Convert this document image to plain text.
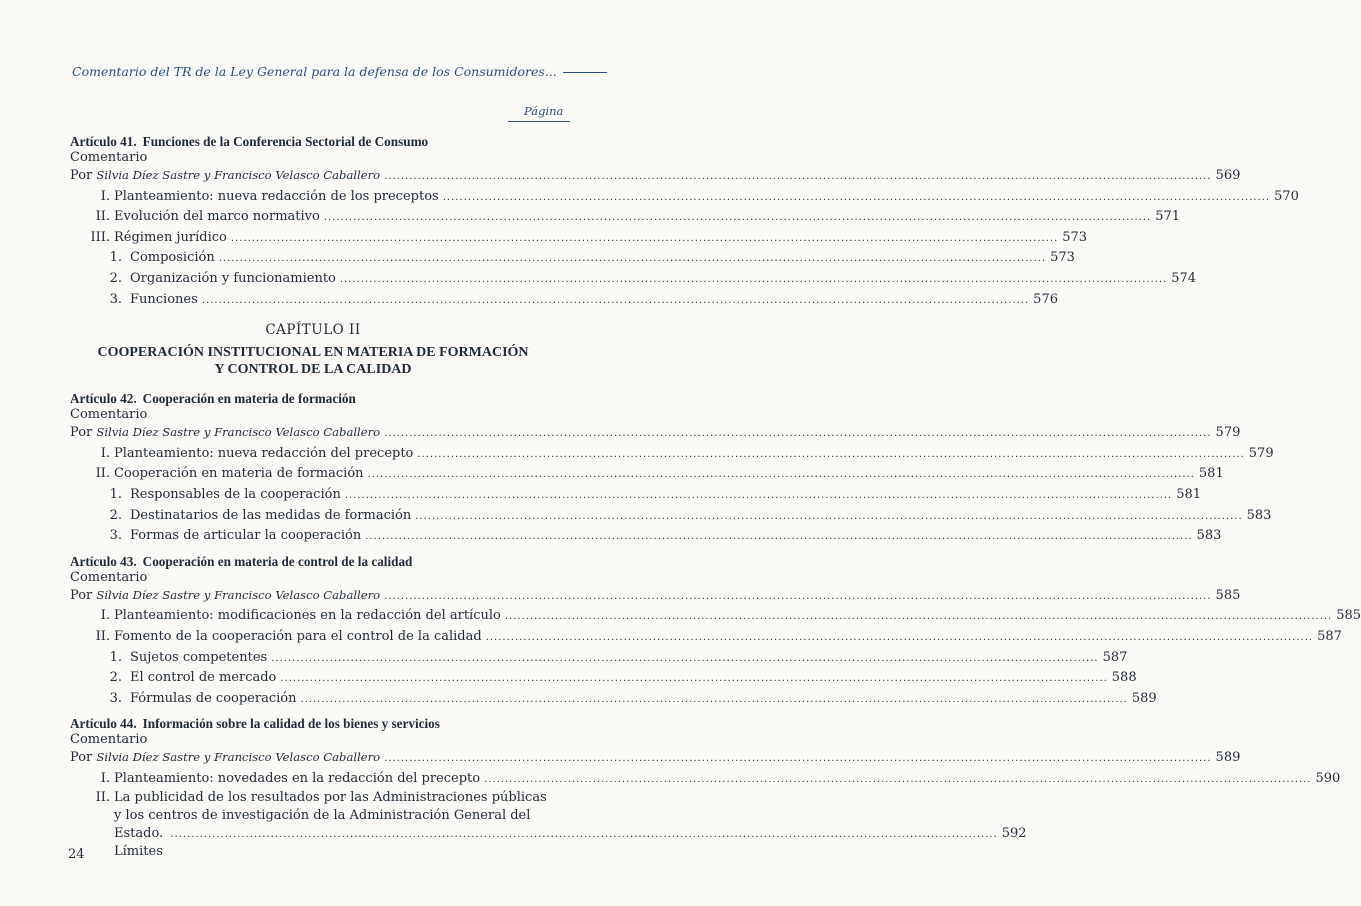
Comentario del TR de la Ley General para la defensa de los Consumidores...
Página
Artículo 41. Funciones de la Conferencia Sectorial de Consumo
Comentario
Por Silvia Díez Sastre y Francisco Velasco Caballero ...................................................................................................................................................................................................... 569
I. Planteamiento: nueva redacción de los preceptos ...................................................................................................................................................................................................... 570
II. Evolución del marco normativo ...................................................................................................................................................................................................... 571
III. Régimen jurídico ...................................................................................................................................................................................................... 573
1. Composición ...................................................................................................................................................................................................... 573
2. Organización y funcionamiento ...................................................................................................................................................................................................... 574
3. Funciones ...................................................................................................................................................................................................... 576
CAPÍTULO II
COOPERACIÓN INSTITUCIONAL EN MATERIA DE FORMACIÓN
Y CONTROL DE LA CALIDAD
Artículo 42. Cooperación en materia de formación
Comentario
Por Silvia Díez Sastre y Francisco Velasco Caballero ...................................................................................................................................................................................................... 579
I. Planteamiento: nueva redacción del precepto ...................................................................................................................................................................................................... 579
II. Cooperación en materia de formación ...................................................................................................................................................................................................... 581
1. Responsables de la cooperación ...................................................................................................................................................................................................... 581
2. Destinatarios de las medidas de formación ...................................................................................................................................................................................................... 583
3. Formas de articular la cooperación ...................................................................................................................................................................................................... 583
Artículo 43. Cooperación en materia de control de la calidad
Comentario
Por Silvia Díez Sastre y Francisco Velasco Caballero ...................................................................................................................................................................................................... 585
I. Planteamiento: modificaciones en la redacción del artículo ...................................................................................................................................................................................................... 585
II. Fomento de la cooperación para el control de la calidad ...................................................................................................................................................................................................... 587
1. Sujetos competentes ...................................................................................................................................................................................................... 587
2. El control de mercado ...................................................................................................................................................................................................... 588
3. Fórmulas de cooperación ...................................................................................................................................................................................................... 589
Artículo 44. Información sobre la calidad de los bienes y servicios
Comentario
Por Silvia Díez Sastre y Francisco Velasco Caballero ...................................................................................................................................................................................................... 589
I. Planteamiento: novedades en la redacción del precepto ...................................................................................................................................................................................................... 590
II. La publicidad de los resultados por las Administraciones públicas
y los centros de investigación de la Administración General del
Estado. Límites
...................................................................................................................................................................................................... 592
24
